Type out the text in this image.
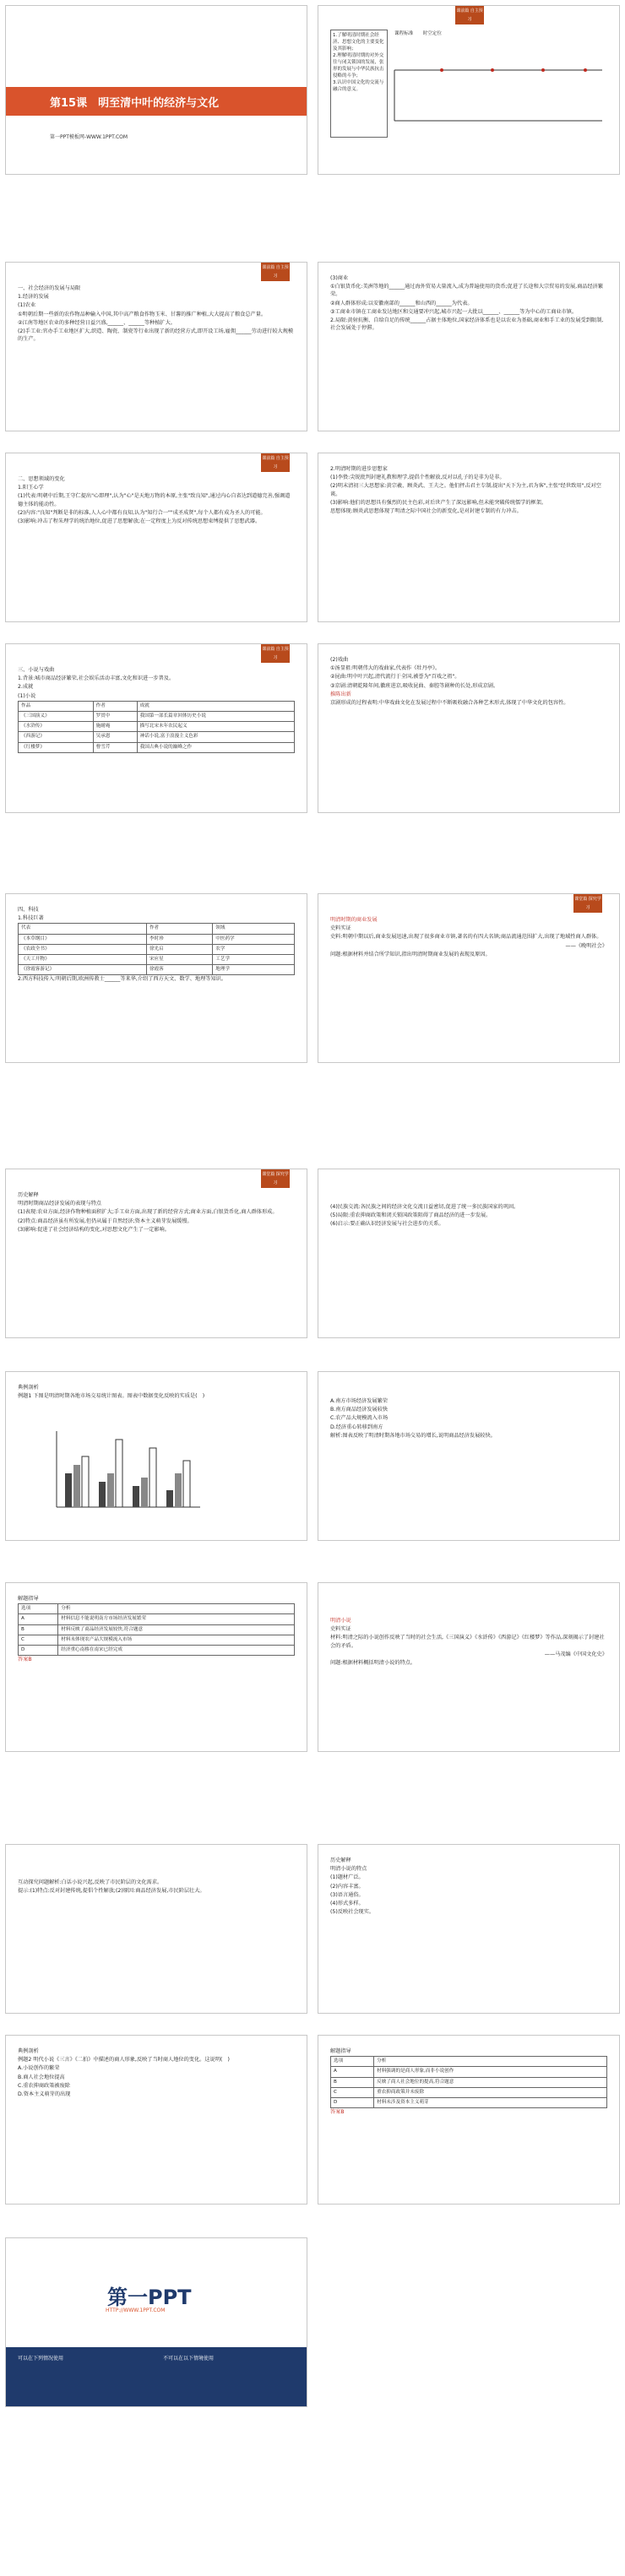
第15课　明至清中叶的经济与文化
第一PPT模板网-WWW.1PPT.COM
课前篇 自主预习
1.了解明清时期社会经济、思想文化的主要变化及其影响；
2.理解明清时期的对外交往与闭关锁国的发展，张形的发展与中华民族抗击侵略的斗争；
3.认识中国文化的交流与融合的意义。
课程标准　　时空定位
课前篇 自主预习

一、社会经济的发展与局限

1.经济的发展

(1)农业

①明朝后期一些新的农作物品种输入中国,其中高产粮食作物玉米、甘薯的推广种植,大大提高了粮食总产量。

②江南等地区农业的多种经营日益兴盛,______、______等种植扩大。

(2)手工业:官办手工业地区扩大,织造、陶瓷、制瓷等行业出现了新的经营方式,即开设工场,雇佣______劳动进行较大规模的生产。

(3)商业

①白银货币化:美洲等地的______通过海外贸易大量流入,成为普遍使用的货币;促进了长途和大宗贸易的发展,商品经济繁荣。

②商人群体形成:以安徽南部的______和山西的______为代表。

③工商业市镇在工商业发达地区和交通要冲兴起,城市兴起一大批以______、______等为中心的工商业市镇。

2.局限:黄射抗衡、自给自足的传统______占据主体地位,国家经济体系也是以农业为基础,商业和手工业的发展受到限制,社会发展处于停滞。

课前篇 自主预习

二、思想领域的变化

1.阳王心学

(1)代表:明朝中后期,王守仁提出"心即理",认为"心"是天地万物的本原,主张"致良知",通过内心自省达到道德完善,强调道德主体的能动性。

(2)内容:"良知"判断是非的标准,人人心中都有良知,认为"知行合一""成圣成贤",每个人都有成为圣人的可能。

(3)影响:冲击了程朱理学的统治地位,促进了思想解放;在一定程度上为反对传统思想束缚提供了思想武器。

2.明清时期的进步思想家

(1)李贽:尖锐批判封建礼教和理学,提倡个性解放,反对以孔子的是非为是非。

(2)明末清初三大思想家:黄宗羲、顾炎武、王夫之。他们抨击君主专制,提出"天下为主,君为客",主张"经世致用",反对空谈。

(3)影响:他们的思想具有强烈的民主色彩,对后世产生了深远影响,但未能突破传统儒学的框架。

思想体现:顾炎武思想体现了明清之际中国社会的新变化,是对封建专制的有力冲击。

课前篇 自主预习

三、小说与戏曲

1.背景:城市商品经济繁荣,社会娱乐活动丰富,文化和识进一步普及。

2.成就

(1)小说

作品	作者	成就
《三国演义》	罗贯中	我国第一部长篇章回体历史小说
《水浒传》	施耐庵	描写北宋末年农民起义
《西游记》	吴承恩	神话小说,富于浪漫主义色彩
《红楼梦》	曹雪芹	我国古典小说的巅峰之作

(2)戏曲

①汤显祖:明朝伟大的戏曲家,代表作《牡丹亭》。

②昆曲:明中叶兴起,清代流行于全国,被誉为"百戏之祖"。

③京剧:清朝乾隆年间,徽班进京,吸收昆曲、秦腔等剧种的长处,形成京剧。

推陈出新

京剧形成的过程表明:中华戏曲文化在发展过程中不断吸收融合各种艺术形式,体现了中华文化的包容性。

四、科技

1.科技巨著

代表	作者	领域
《本草纲目》	李时珍	中医药学
《农政全书》	徐光启	农学
《天工开物》	宋应星	工艺学
《徐霞客游记》	徐霞客	地理学

2.西方科技传入:明朝后期,欧洲传教士______等来华,介绍了西方天文、数学、地理等知识。

课堂篇 探究学习

明清时期的商业发展

史料实证

史料:明朝中期以后,商业发展迅速,出现了很多商业市镇,著名的有四大名镇;商品流通范围扩大,出现了地域性商人群体。

——《晚明社会》

问题:根据材料并结合所学知识,指出明清时期商业发展的表现及原因。

课堂篇 探究学习

历史解释

明清时期商品经济发展的表现与特点

(1)表现:农业方面,经济作物种植面积扩大;手工业方面,出现了新的经营方式;商业方面,白银货币化,商人群体形成。

(2)特点:商品经济虽有所发展,但仍从属于自然经济;资本主义萌芽发展缓慢。

(3)影响:促进了社会经济结构的变化,对思想文化产生了一定影响。

(4)民族交流:各民族之间的经济文化交流日益密切,促进了统一多民族国家的巩固。

(5)局限:重农抑商政策和闭关锁国政策阻碍了商品经济的进一步发展。

(6)启示:要正确认识经济发展与社会进步的关系。

典例剖析

例题1 下图是明清时期各地市场交易统计图表。图表中数据变化反映的实质是(　)

A.南方市场经济发展繁荣

B.南方商品经济发展较快

C.农产品大规模流入市场

D.经济重心转移到南方

解析:图表反映了明清时期各地市场交易的增长,说明商品经济发展较快。

解题指导

选项	分析
A	材料信息不能说明南方市场经济发展繁荣
B	材料反映了商品经济发展较快,符合题意
C	材料未体现农产品大规模流入市场
D	经济重心南移在南宋已经完成

答案B

明清小说

史料实证

材料:明清之际的小说创作反映了当时的社会生活,《三国演义》《水浒传》《西游记》《红楼梦》等作品,深刻揭示了封建社会的矛盾。

——马茂编《中国文化史》

问题:根据材料概括明清小说的特点。

互动探究问题解析:白话小说兴起,反映了市民阶层的文化需求。

提示:(1)特点:反对封建传统,提倡个性解放;(2)原因:商品经济发展,市民阶层壮大。

历史解释

明清小说的特点

(1)题材广泛。

(2)内容丰富。

(3)语言通俗。

(4)形式多样。

(5)反映社会现实。

典例剖析

例题2 明代小说《三言》《二拍》中描述的商人形象,反映了当时商人地位的变化。这说明(　)

A.小说创作的繁荣

B.商人社会地位提高

C.重农抑商政策被废除

D.资本主义萌芽的出现

解题指导

选项	分析
A	材料强调的是商人形象,而非小说创作
B	反映了商人社会地位的提高,符合题意
C	重农抑商政策并未废除
D	材料未涉及资本主义萌芽

答案B

第一PPT
HTTP://WWW.1PPT.COM
可以在下列情况使用	不可以在以下情境使用
